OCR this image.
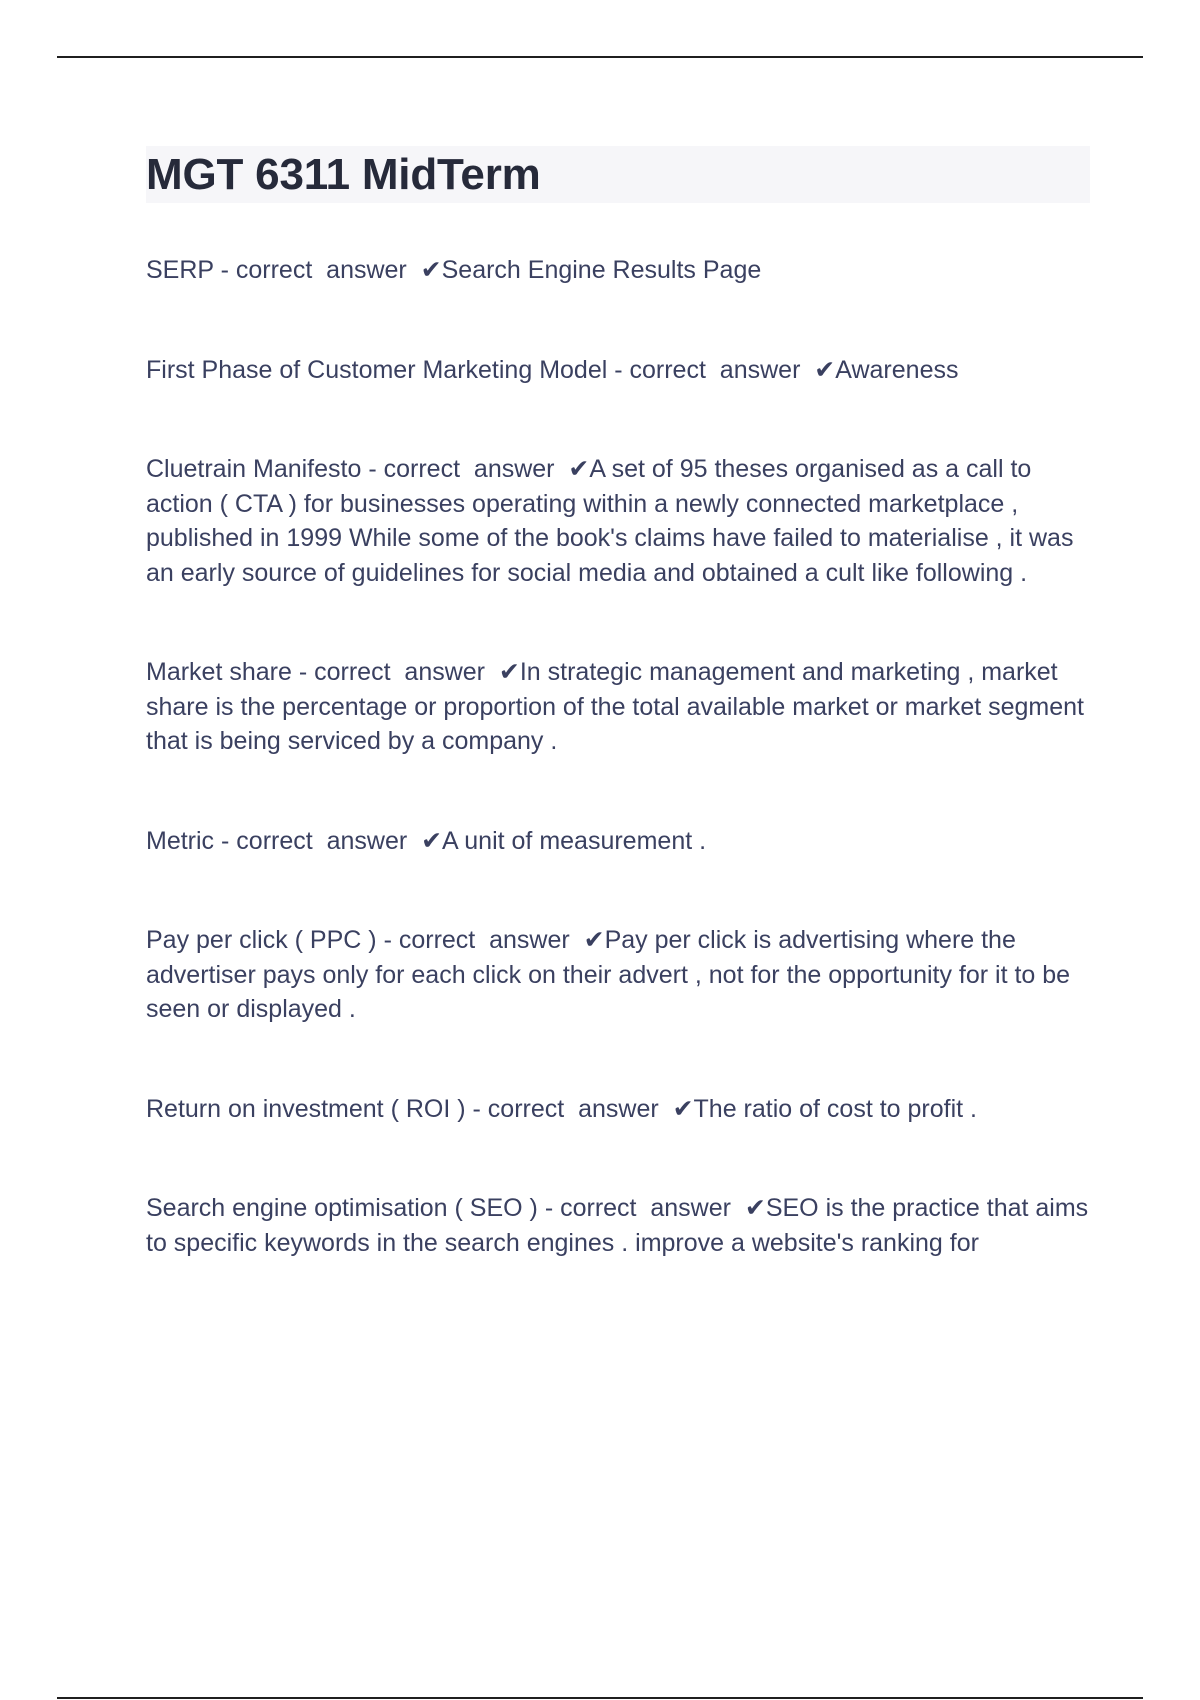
MGT 6311 MidTerm
SERP - correct  answer  ✔Search Engine Results Page
First Phase of Customer Marketing Model - correct  answer  ✔Awareness
Cluetrain Manifesto - correct  answer  ✔A set of 95 theses organised as a call to action ( CTA ) for businesses operating within a newly connected marketplace , published in 1999 While some of the book's claims have failed to materialise , it was an early source of guidelines for social media and obtained a cult like following .
Market share - correct  answer  ✔In strategic management and marketing , market share is the percentage or proportion of the total available market or market segment that is being serviced by a company .
Metric - correct  answer  ✔A unit of measurement .
Pay per click ( PPC ) - correct  answer  ✔Pay per click is advertising where the advertiser pays only for each click on their advert , not for the opportunity for it to be seen or displayed .
Return on investment ( ROI ) - correct  answer  ✔The ratio of cost to profit .
Search engine optimisation ( SEO ) - correct  answer  ✔SEO is the practice that aims to specific keywords in the search engines . improve a website's ranking for
